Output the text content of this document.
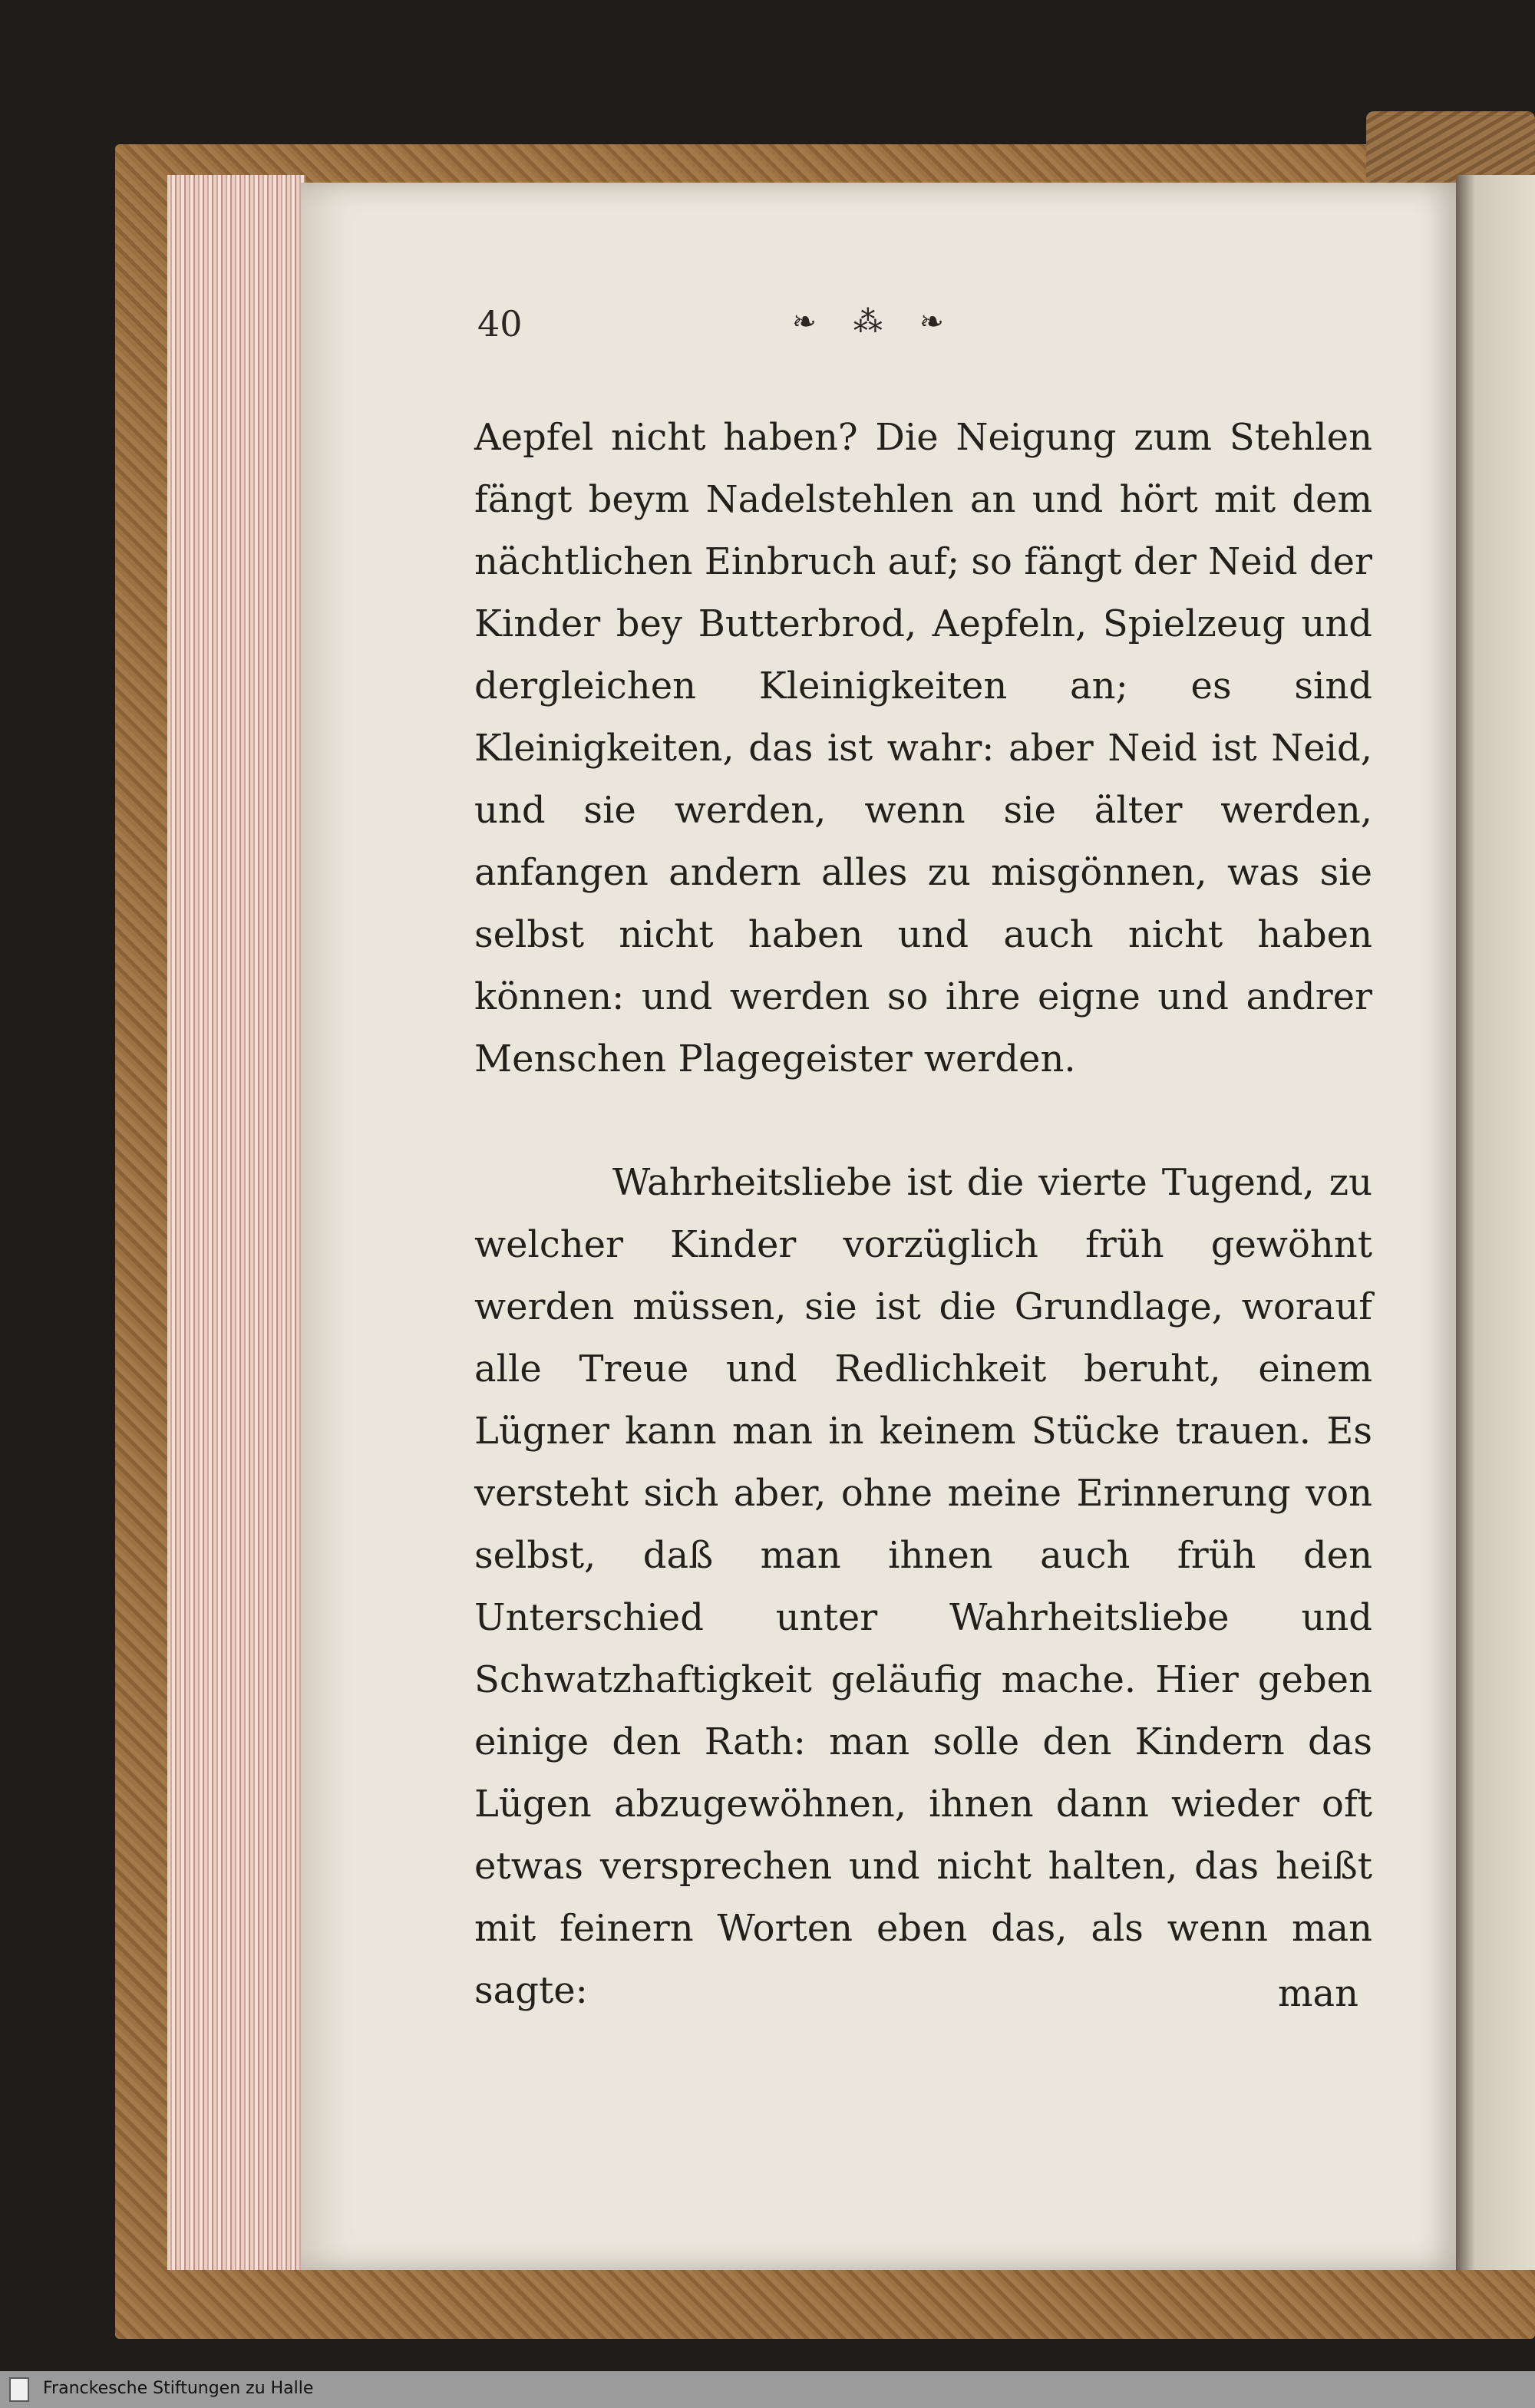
40	❧ ⁂ ❧

Aepfel nicht haben? Die Neigung zum Stehlen fängt beym Nadelstehlen an und hört mit dem nächtlichen Einbruch auf; so fängt der Neid der Kinder bey Butterbrod, Aepfeln, Spielzeug und dergleichen Kleinigkeiten an; es sind Kleinigkeiten, das ist wahr: aber Neid ist Neid, und sie werden, wenn sie älter werden, anfangen andern alles zu misgönnen, was sie selbst nicht haben und auch nicht haben können: und werden so ihre eigne und andrer Menschen Plagegeister werden.

Wahrheitsliebe ist die vierte Tugend, zu welcher Kinder vorzüglich früh gewöhnt werden müssen, sie ist die Grundlage, worauf alle Treue und Redlichkeit beruht, einem Lügner kann man in keinem Stücke trauen. Es versteht sich aber, ohne meine Erinnerung von selbst, daß man ihnen auch früh den Unterschied unter Wahrheitsliebe und Schwatzhaftigkeit geläufig mache. Hier geben einige den Rath: man solle den Kindern das Lügen abzugewöhnen, ihnen dann wieder oft etwas versprechen und nicht halten, das heißt mit feinern Worten eben das, als wenn man sagte:	man
Franckesche Stiftungen zu Halle
